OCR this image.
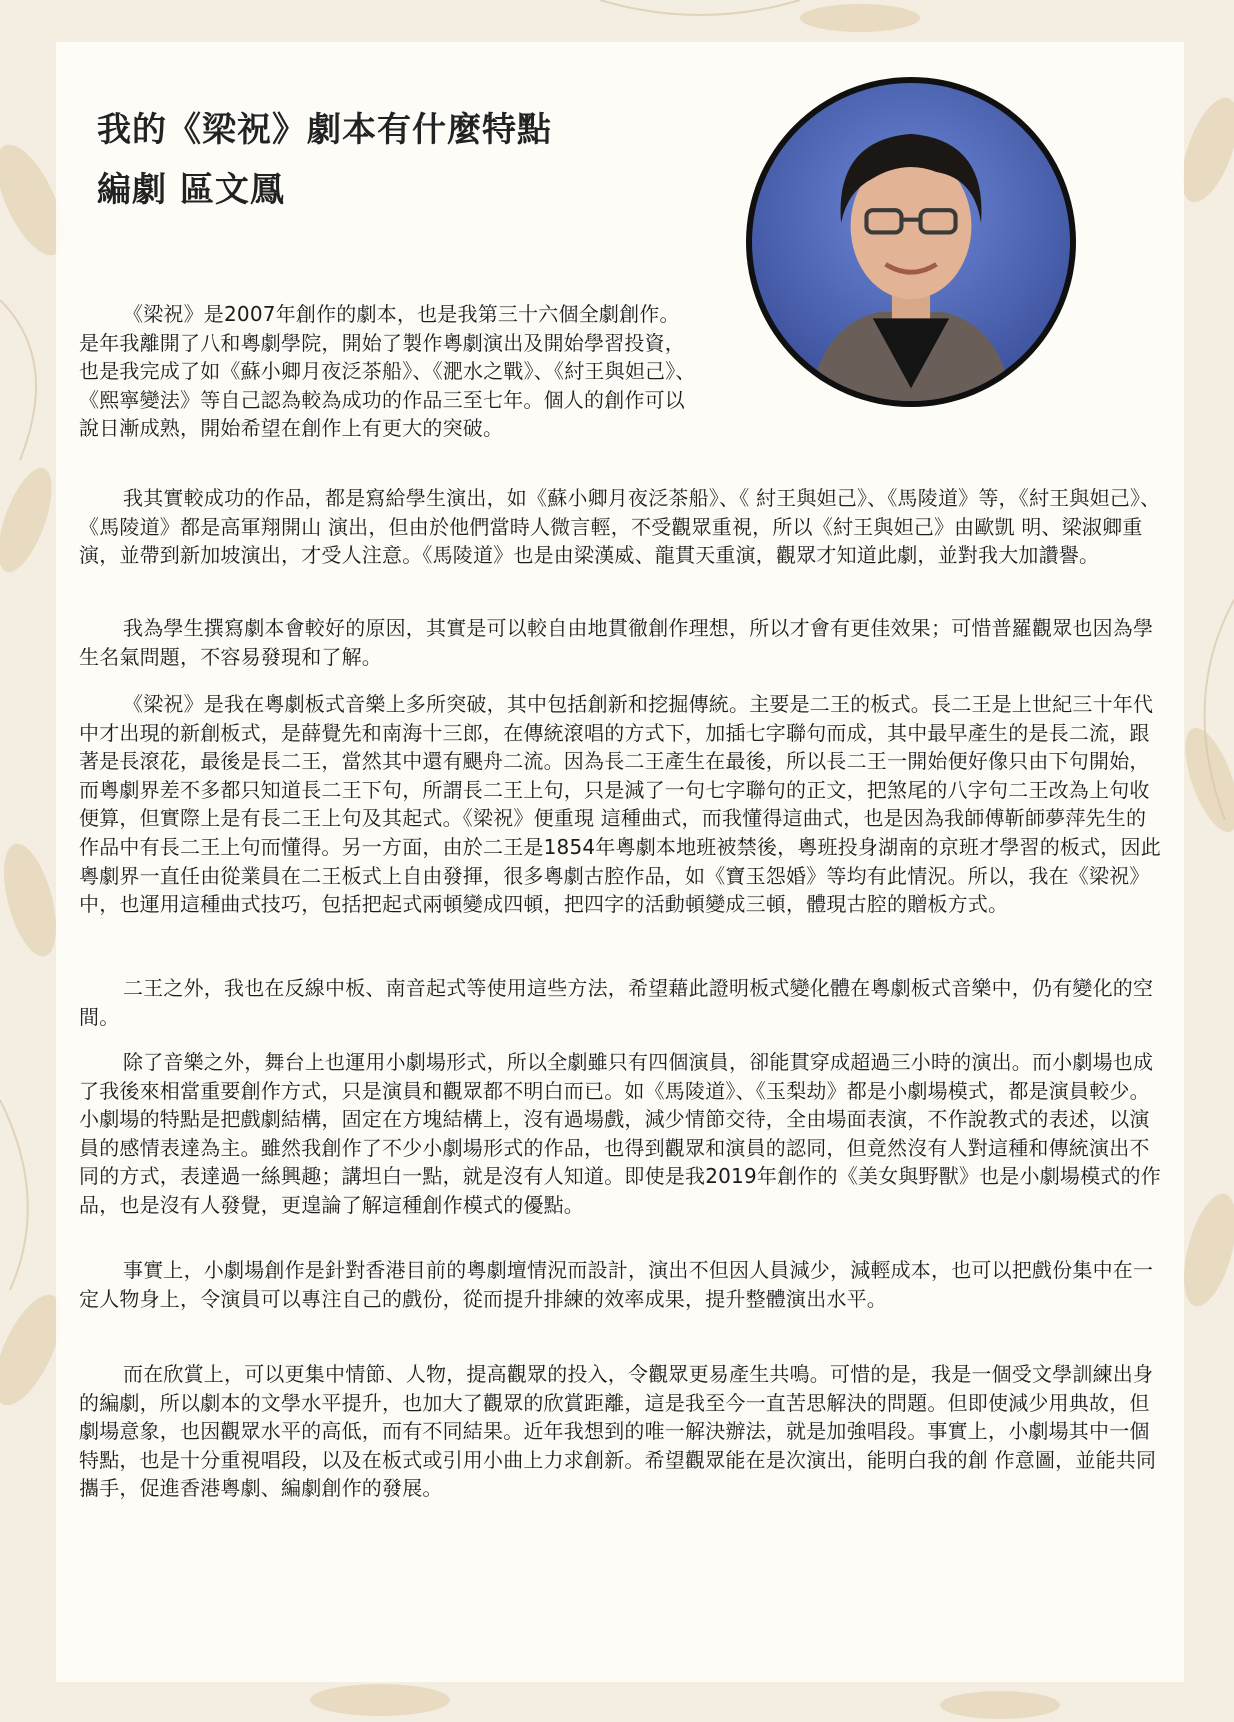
我的《梁祝》劇本有什麼特點
編劇 區文鳳

《梁祝》是2007年創作的劇本，也是我第三十六個全劇創作。是年我離開了八和粵劇學院，開始了製作粵劇演出及開始學習投資，也是我完成了如《蘇小卿月夜泛茶船》、《淝水之戰》、《紂王與妲己》、《熙寧變法》等自己認為較為成功的作品三至七年。個人的創作可以說日漸成熟，開始希望在創作上有更大的突破。

我其實較成功的作品，都是寫給學生演出，如《蘇小卿月夜泛茶船》、《 紂王與妲己》、《馬陵道》等，《紂王與妲己》、《馬陵道》都是高軍翔開山 演出，但由於他們當時人微言輕，不受觀眾重視，所以《紂王與妲己》由歐凱 明、梁淑卿重演，並帶到新加坡演出，才受人注意。《馬陵道》也是由梁漢威、龍貫天重演，觀眾才知道此劇，並對我大加讚譽。

我為學生撰寫劇本會較好的原因，其實是可以較自由地貫徹創作理想，所以才會有更佳效果；可惜普羅觀眾也因為學生名氣問題，不容易發現和了解。

《梁祝》是我在粵劇板式音樂上多所突破，其中包括創新和挖掘傳統。主要是二王的板式。長二王是上世紀三十年代中才出現的新創板式，是薛覺先和南海十三郎，在傳統滾唱的方式下，加插七字聯句而成，其中最早產生的是長二流，跟著是長滾花，最後是長二王，當然其中還有颶舟二流。因為長二王產生在最後，所以長二王一開始便好像只由下句開始，而粵劇界差不多都只知道長二王下句，所謂長二王上句，只是減了一句七字聯句的正文，把煞尾的八字句二王改為上句收便算，但實際上是有長二王上句及其起式。《梁祝》便重現 這種曲式，而我懂得這曲式，也是因為我師傅靳師夢萍先生的作品中有長二王上句而懂得。另一方面，由於二王是1854年粵劇本地班被禁後，粵班投身湖南的京班才學習的板式，因此粵劇界一直任由從業員在二王板式上自由發揮，很多粵劇古腔作品，如《寶玉怨婚》等均有此情況。所以，我在《梁祝》中，也運用這種曲式技巧，包括把起式兩頓變成四頓，把四字的活動頓變成三頓，體現古腔的贈板方式。

二王之外，我也在反線中板、南音起式等使用這些方法，希望藉此證明板式變化體在粵劇板式音樂中，仍有變化的空間。

除了音樂之外，舞台上也運用小劇場形式，所以全劇雖只有四個演員，卻能貫穿成超過三小時的演出。而小劇場也成了我後來相當重要創作方式，只是演員和觀眾都不明白而已。如《馬陵道》、《玉梨劫》都是小劇場模式，都是演員較少。小劇場的特點是把戲劇結構，固定在方塊結構上，沒有過場戲，減少情節交待，全由場面表演，不作說教式的表述，以演員的感情表達為主。雖然我創作了不少小劇場形式的作品，也得到觀眾和演員的認同，但竟然沒有人對這種和傳統演出不同的方式，表達過一絲興趣；講坦白一點，就是沒有人知道。即使是我2019年創作的《美女與野獸》也是小劇場模式的作品，也是沒有人發覺，更遑論了解這種創作模式的優點。

事實上，小劇場創作是針對香港目前的粵劇壇情況而設計，演出不但因人員減少，減輕成本，也可以把戲份集中在一定人物身上，令演員可以專注自己的戲份，從而提升排練的效率成果，提升整體演出水平。

而在欣賞上，可以更集中情節、人物，提高觀眾的投入，令觀眾更易產生共鳴。可惜的是，我是一個受文學訓練出身的編劇，所以劇本的文學水平提升，也加大了觀眾的欣賞距離，這是我至今一直苦思解決的問題。但即使減少用典故，但劇場意象，也因觀眾水平的高低，而有不同結果。近年我想到的唯一解決辦法，就是加強唱段。事實上，小劇場其中一個特點，也是十分重視唱段，以及在板式或引用小曲上力求創新。希望觀眾能在是次演出，能明白我的創 作意圖，並能共同攜手，促進香港粵劇、編劇創作的發展。
